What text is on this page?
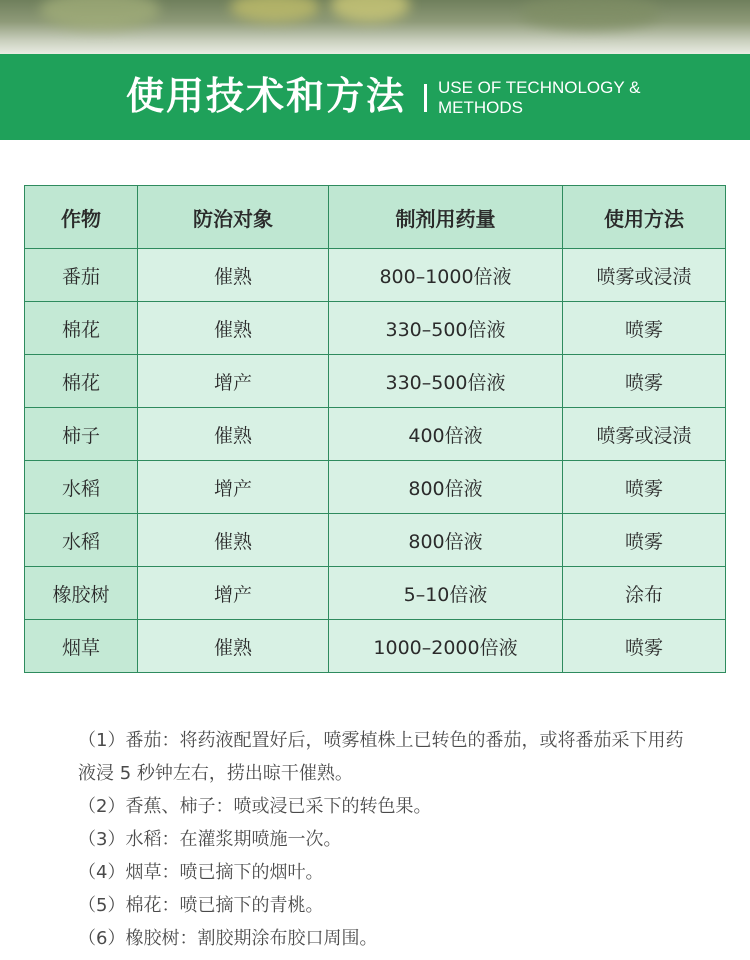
使用技术和方法 USE OF TECHNOLOGY &
METHODS
作物	防治对象	制剂用药量	使用方法
番茄	催熟	800–1000倍液	喷雾或浸渍
棉花	催熟	330–500倍液	喷雾
棉花	增产	330–500倍液	喷雾
柿子	催熟	400倍液	喷雾或浸渍
水稻	增产	800倍液	喷雾
水稻	催熟	800倍液	喷雾
橡胶树	增产	5–10倍液	涂布
烟草	催熟	1000–2000倍液	喷雾

（1）番茄：将药液配置好后，喷雾植株上已转色的番茄，或将番茄采下用药液浸 5 秒钟左右，捞出晾干催熟。

（2）香蕉、柿子：喷或浸已采下的转色果。

（3）水稻：在灌浆期喷施一次。

（4）烟草：喷已摘下的烟叶。

（5）棉花：喷已摘下的青桃。

（6）橡胶树：割胶期涂布胶口周围。
